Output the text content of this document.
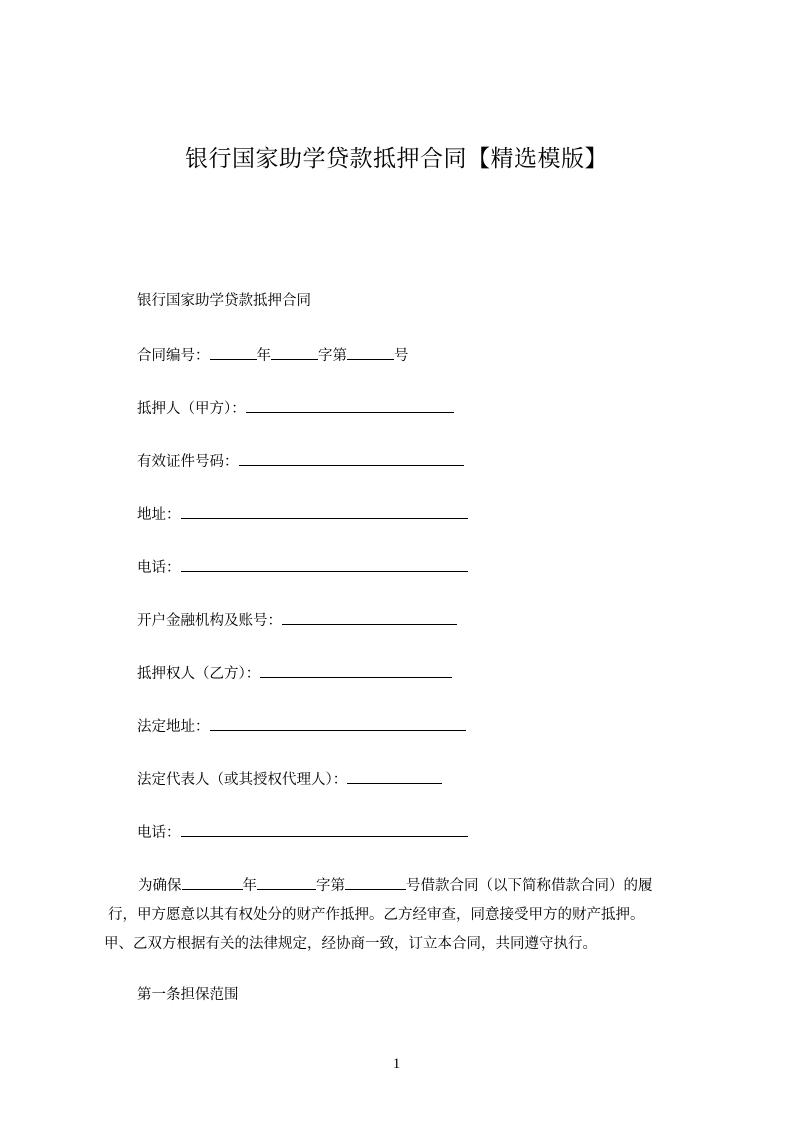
银行国家助学贷款抵押合同【精选模版】
银行国家助学贷款抵押合同
合同编号：	年	字第	号
抵押人（甲方）：
有效证件号码：
地址：
电话：
开户金融机构及账号：
抵押权人（乙方）：
法定地址：
法定代表人（或其授权代理人）：
电话：
为确保	年	字第	号借款合同（以下简称借款合同）的履
行，甲方愿意以其有权处分的财产作抵押。乙方经审查，同意接受甲方的财产抵押。
甲、乙双方根据有关的法律规定，经协商一致，订立本合同，共同遵守执行。
第一条担保范围
1
